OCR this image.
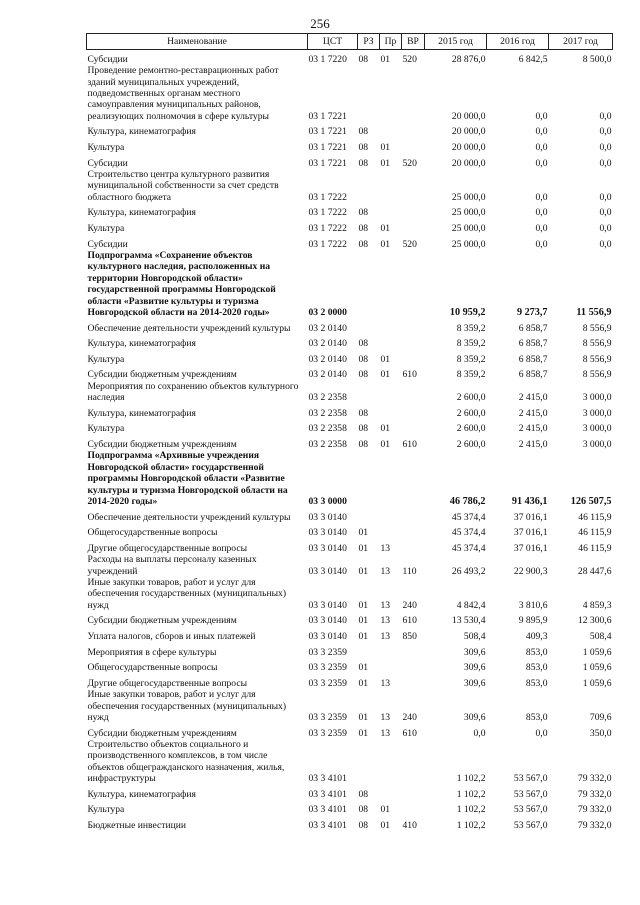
256
Наименование	ЦСТ	РЗ	Пр	ВР	2015 год	2016 год	2017 год
Субсидии	03 1 7220	08	01	520	28 876,0	6 842,5	8 500,0
Проведение ремонтно-реставрационных работ зданий муниципальных учреждений, подведомственных органам местного самоуправления муниципальных районов, реализующих полномочия в сфере культуры	03 1 7221				20 000,0	0,0	0,0
Культура, кинематография	03 1 7221	08			20 000,0	0,0	0,0
Культура	03 1 7221	08	01		20 000,0	0,0	0,0
Субсидии	03 1 7221	08	01	520	20 000,0	0,0	0,0
Строительство центра культурного развития муниципальной собственности за счет средств областного бюджета	03 1 7222				25 000,0	0,0	0,0
Культура, кинематография	03 1 7222	08			25 000,0	0,0	0,0
Культура	03 1 7222	08	01		25 000,0	0,0	0,0
Субсидии	03 1 7222	08	01	520	25 000,0	0,0	0,0
Подпрограмма «Сохранение объектов культурного наследия, расположенных на территории Новгородской области» государственной программы Новгородской области «Развитие культуры и туризма Новгородской области на 2014-2020 годы»	03 2 0000				10 959,2	9 273,7	11 556,9
Обеспечение деятельности учреждений культуры	03 2 0140				8 359,2	6 858,7	8 556,9
Культура, кинематография	03 2 0140	08			8 359,2	6 858,7	8 556,9
Культура	03 2 0140	08	01		8 359,2	6 858,7	8 556,9
Субсидии бюджетным учреждениям	03 2 0140	08	01	610	8 359,2	6 858,7	8 556,9
Мероприятия по сохранению объектов культурного наследия	03 2 2358				2 600,0	2 415,0	3 000,0
Культура, кинематография	03 2 2358	08			2 600,0	2 415,0	3 000,0
Культура	03 2 2358	08	01		2 600,0	2 415,0	3 000,0
Субсидии бюджетным учреждениям	03 2 2358	08	01	610	2 600,0	2 415,0	3 000,0
Подпрограмма «Архивные учреждения Новгородской области» государственной программы Новгородской области «Развитие культуры и туризма Новгородской области на 2014-2020 годы»	03 3 0000				46 786,2	91 436,1	126 507,5
Обеспечение деятельности учреждений культуры	03 3 0140				45 374,4	37 016,1	46 115,9
Общегосударственные вопросы	03 3 0140	01			45 374,4	37 016,1	46 115,9
Другие общегосударственные вопросы	03 3 0140	01	13		45 374,4	37 016,1	46 115,9
Расходы на выплаты персоналу казенных учреждений	03 3 0140	01	13	110	26 493,2	22 900,3	28 447,6
Иные закупки товаров, работ и услуг для обеспечения государственных (муниципальных) нужд	03 3 0140	01	13	240	4 842,4	3 810,6	4 859,3
Субсидии бюджетным учреждениям	03 3 0140	01	13	610	13 530,4	9 895,9	12 300,6
Уплата налогов, сборов и иных платежей	03 3 0140	01	13	850	508,4	409,3	508,4
Мероприятия в сфере культуры	03 3 2359				309,6	853,0	1 059,6
Общегосударственные вопросы	03 3 2359	01			309,6	853,0	1 059,6
Другие общегосударственные вопросы	03 3 2359	01	13		309,6	853,0	1 059,6
Иные закупки товаров, работ и услуг для обеспечения государственных (муниципальных) нужд	03 3 2359	01	13	240	309,6	853,0	709,6
Субсидии бюджетным учреждениям	03 3 2359	01	13	610	0,0	0,0	350,0
Строительство объектов социального и производственного комплексов, в том числе объектов общегражданского назначения, жилья, инфраструктуры	03 3 4101				1 102,2	53 567,0	79 332,0
Культура, кинематография	03 3 4101	08			1 102,2	53 567,0	79 332,0
Культура	03 3 4101	08	01		1 102,2	53 567,0	79 332,0
Бюджетные инвестиции	03 3 4101	08	01	410	1 102,2	53 567,0	79 332,0
